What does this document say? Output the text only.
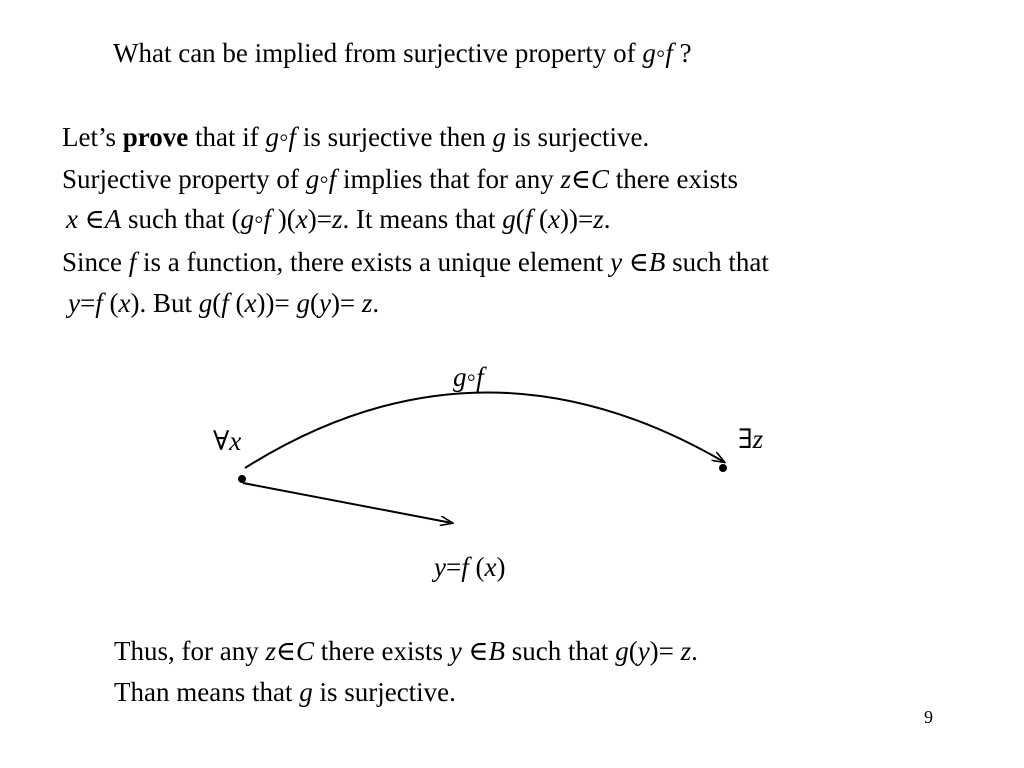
What can be implied from surjective property of g◦f ?
Let’s prove that if g◦f is surjective then g is surjective.
Surjective property of g◦f implies that for any z∈C there exists
x ∈A such that (g◦f )(x)=z. It means that g(f (x))=z.
Since f is a function, there exists a unique element y ∈B such that
y=f (x). But g(f (x))= g(y)= z.
g◦f
∀x	∃z
y=f (x)
Thus, for any z∈C there exists y ∈B such that g(y)= z.
Than means that g is surjective.
9
